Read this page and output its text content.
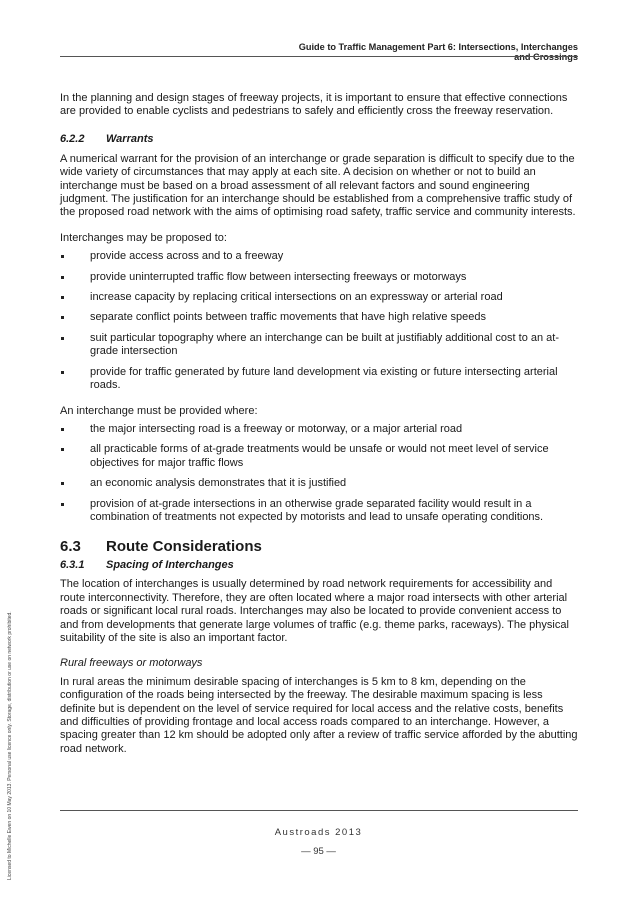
Guide to Traffic Management Part 6: Intersections, Interchanges and Crossings

In the planning and design stages of freeway projects, it is important to ensure that effective connections are provided to enable cyclists and pedestrians to safely and efficiently cross the freeway reservation.

6.2.2 Warrants

A numerical warrant for the provision of an interchange or grade separation is difficult to specify due to the wide variety of circumstances that may apply at each site. A decision on whether or not to build an interchange must be based on a broad assessment of all relevant factors and sound engineering judgment. The justification for an interchange should be established from a comprehensive traffic study of the proposed road network with the aims of optimising road safety, traffic service and community interests.

Interchanges may be proposed to:

provide access across and to a freeway
provide uninterrupted traffic flow between intersecting freeways or motorways
increase capacity by replacing critical intersections on an expressway or arterial road
separate conflict points between traffic movements that have high relative speeds
suit particular topography where an interchange can be built at justifiably additional cost to an at-grade intersection
provide for traffic generated by future land development via existing or future intersecting arterial roads.

An interchange must be provided where:

the major intersecting road is a freeway or motorway, or a major arterial road
all practicable forms of at-grade treatments would be unsafe or would not meet level of service objectives for major traffic flows
an economic analysis demonstrates that it is justified
provision of at-grade intersections in an otherwise grade separated facility would result in a combination of treatments not expected by motorists and lead to unsafe operating conditions.
6.3 Route Considerations
6.3.1 Spacing of Interchanges

The location of interchanges is usually determined by road network requirements for accessibility and route interconnectivity. Therefore, they are often located where a major road intersects with other arterial roads or significant local rural roads. Interchanges may also be located to provide convenient access to and from developments that generate large volumes of traffic (e.g. theme parks, raceways). The physical suitability of the site is also an important factor.

Rural freeways or motorways

In rural areas the minimum desirable spacing of interchanges is 5 km to 8 km, depending on the configuration of the roads being intersected by the freeway. The desirable maximum spacing is less definite but is dependent on the level of service required for local access and the relative costs, benefits and difficulties of providing frontage and local access roads compared to an interchange. However, a spacing greater than 12 km should be adopted only after a review of traffic service afforded by the abutting road network.

Austroads 2013
— 95 —
Licensed to Michelle Ewen on 10 May 2013. Personal use licence only. Storage, distribution or use on network prohibited.
